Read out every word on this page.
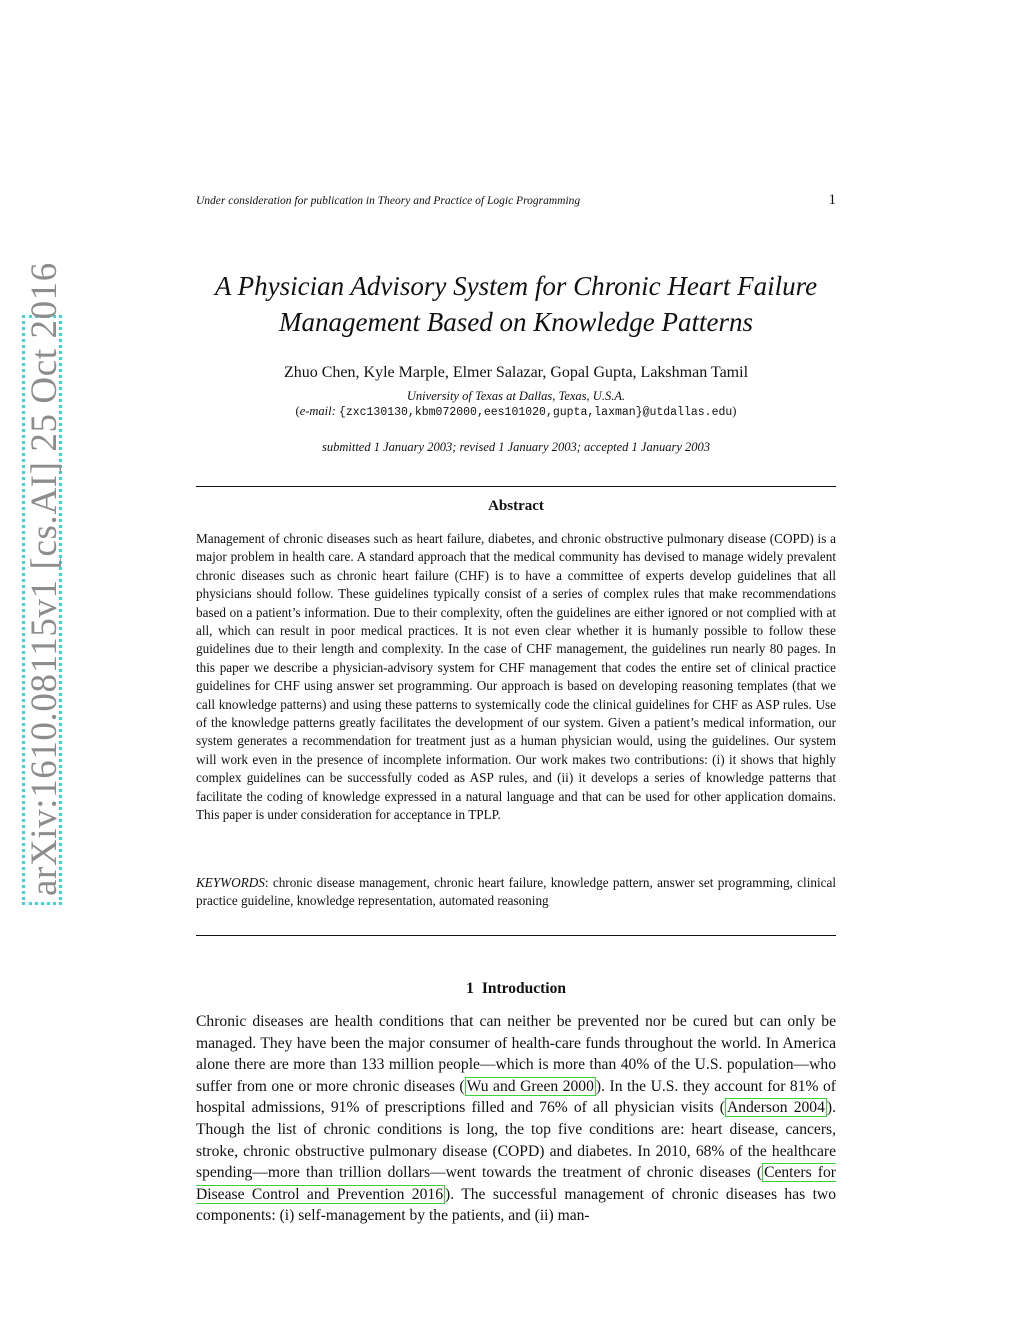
Under consideration for publication in Theory and Practice of Logic Programming	1
arXiv:1610.08115v1 [cs.AI] 25 Oct 2016	A Physician Advisory System for Chronic Heart Failure
Management Based on Knowledge Patterns
Zhuo Chen, Kyle Marple, Elmer Salazar, Gopal Gupta, Lakshman Tamil
University of Texas at Dallas, Texas, U.S.A.
(e-mail: {zxc130130,kbm072000,ees101020,gupta,laxman}@utdallas.edu)
submitted 1 January 2003; revised 1 January 2003; accepted 1 January 2003
Abstract

Management of chronic diseases such as heart failure, diabetes, and chronic obstructive pulmonary disease (COPD) is a major problem in health care. A standard approach that the medical community has devised to manage widely prevalent chronic diseases such as chronic heart failure (CHF) is to have a committee of experts develop guidelines that all physicians should follow. These guidelines typically consist of a series of complex rules that make recommendations based on a patient’s information. Due to their complexity, often the guidelines are either ignored or not complied with at all, which can result in poor medical practices. It is not even clear whether it is humanly possible to follow these guidelines due to their length and complexity. In the case of CHF management, the guidelines run nearly 80 pages. In this paper we describe a physician-advisory system for CHF management that codes the entire set of clinical practice guidelines for CHF using answer set programming. Our approach is based on developing reasoning templates (that we call knowledge patterns) and using these patterns to systemically code the clinical guidelines for CHF as ASP rules. Use of the knowledge patterns greatly facilitates the development of our system. Given a patient’s medical information, our system generates a recommendation for treatment just as a human physician would, using the guidelines. Our system will work even in the presence of incomplete information. Our work makes two contributions: (i) it shows that highly complex guidelines can be successfully coded as ASP rules, and (ii) it develops a series of knowledge patterns that facilitate the coding of knowledge expressed in a natural language and that can be used for other application domains. This paper is under consideration for acceptance in TPLP.

KEYWORDS: chronic disease management, chronic heart failure, knowledge pattern, answer set programming, clinical practice guideline, knowledge representation, automated reasoning

1 Introduction

Chronic diseases are health conditions that can neither be prevented nor be cured but can only be managed. They have been the major consumer of health-care funds throughout the world. In America alone there are more than 133 million people—which is more than 40% of the U.S. population—who suffer from one or more chronic diseases ( Wu and Green 2000 ). In the U.S. they account for 81% of hospital admissions, 91% of prescriptions filled and 76% of all physician visits ( Anderson 2004 ). Though the list of chronic conditions is long, the top five conditions are: heart disease, cancers, stroke, chronic obstructive pulmonary disease (COPD) and diabetes. In 2010, 68% of the healthcare spending—more than trillion dollars—went towards the treatment of chronic diseases ( Centers for Disease Control and Prevention 2016 ). The successful management of chronic diseases has two components: (i) self-management by the patients, and (ii) man-
